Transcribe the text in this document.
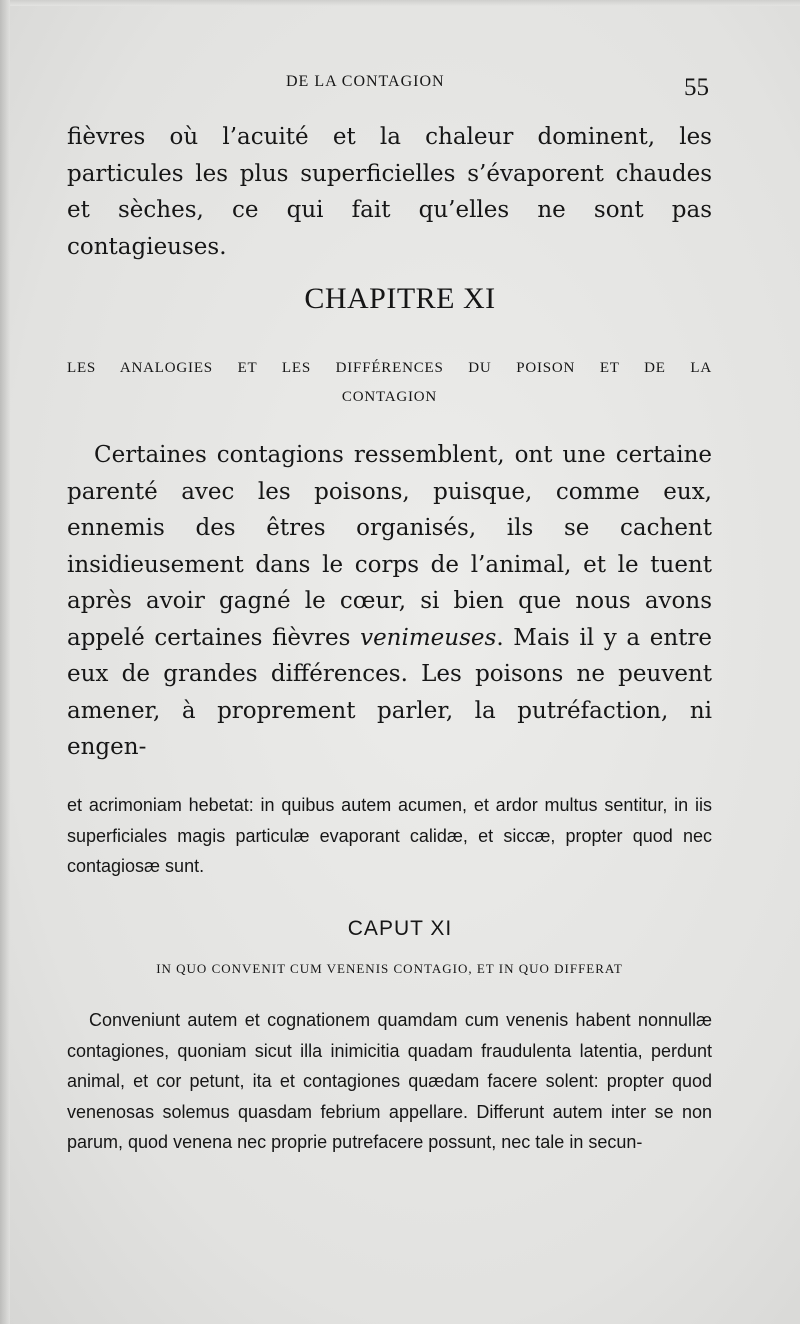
DE LA CONTAGION	55

fièvres où l’acuité et la chaleur dominent, les particules les plus superficielles s’évaporent chaudes et sèches, ce qui fait qu’elles ne sont pas contagieuses.

CHAPITRE XI
LES ANALOGIES ET LES DIFFÉRENCES DU POISON ET DE LA
CONTAGION

Certaines contagions ressemblent, ont une certaine parenté avec les poisons, puisque, comme eux, ennemis des êtres organisés, ils se cachent insidieusement dans le corps de l’animal, et le tuent après avoir gagné le cœur, si bien que nous avons appelé certaines fièvres venimeuses. Mais il y a entre eux de grandes différences. Les poisons ne peuvent amener, à proprement parler, la putréfaction, ni engen-

et acrimoniam hebetat: in quibus autem acumen, et ardor multus sentitur, in iis superficiales magis particulæ evaporant calidæ, et siccæ, propter quod nec contagiosæ sunt.

CAPUT XI
IN QUO CONVENIT CUM VENENIS CONTAGIO, ET IN QUO DIFFERAT

Conveniunt autem et cognationem quamdam cum venenis habent nonnullæ contagiones, quoniam sicut illa inimicitia quadam fraudulenta latentia, perdunt animal, et cor petunt, ita et contagiones quædam facere solent: propter quod venenosas solemus quasdam febrium appellare. Differunt autem inter se non parum, quod venena nec proprie putrefacere possunt, nec tale in secun-
